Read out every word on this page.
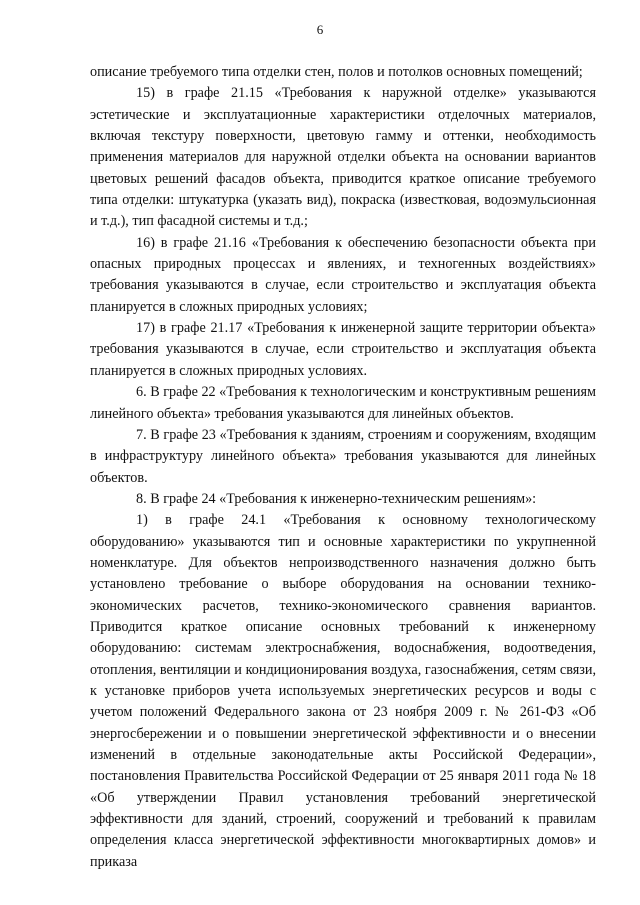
6

описание требуемого типа отделки стен, полов и потолков основных помещений;

15) в графе 21.15 «Требования к наружной отделке» указываются эстетические и эксплуатационные характеристики отделочных материалов, включая текстуру поверхности, цветовую гамму и оттенки, необходимость применения материалов для наружной отделки объекта на основании вариантов цветовых решений фасадов объекта, приводится краткое описание требуемого типа отделки: штукатурка (указать вид), покраска (известковая, водоэмульсионная и т.д.), тип фасадной системы и т.д.;

16) в графе 21.16 «Требования к обеспечению безопасности объекта при опасных природных процессах и явлениях, и техногенных воздействиях» требования указываются в случае, если строительство и эксплуатация объекта планируется в сложных природных условиях;

17) в графе 21.17 «Требования к инженерной защите территории объекта» требования указываются в случае, если строительство и эксплуатация объекта планируется в сложных природных условиях.

6. В графе 22 «Требования к технологическим и конструктивным решениям линейного объекта» требования указываются для линейных объектов.

7. В графе 23 «Требования к зданиям, строениям и сооружениям, входящим в инфраструктуру линейного объекта» требования указываются для линейных объектов.

8. В графе 24 «Требования к инженерно-техническим решениям»:

1) в графе 24.1 «Требования к основному технологическому оборудованию» указываются тип и основные характеристики по укрупненной номенклатуре. Для объектов непроизводственного назначения должно быть установлено требование о выборе оборудования на основании технико-экономических расчетов, технико-экономического сравнения вариантов. Приводится краткое описание основных требований к инженерному оборудованию: системам электроснабжения, водоснабжения, водоотведения, отопления, вентиляции и кондиционирования воздуха, газоснабжения, сетям связи, к установке приборов учета используемых энергетических ресурсов и воды с учетом положений Федерального закона от 23 ноября 2009 г. № 261-ФЗ «Об энергосбережении и о повышении энергетической эффективности и о внесении изменений в отдельные законодательные акты Российской Федерации», постановления Правительства Российской Федерации от 25 января 2011 года № 18 «Об утверждении Правил установления требований энергетической эффективности для зданий, строений, сооружений и требований к правилам определения класса энергетической эффективности многоквартирных домов» и приказа
